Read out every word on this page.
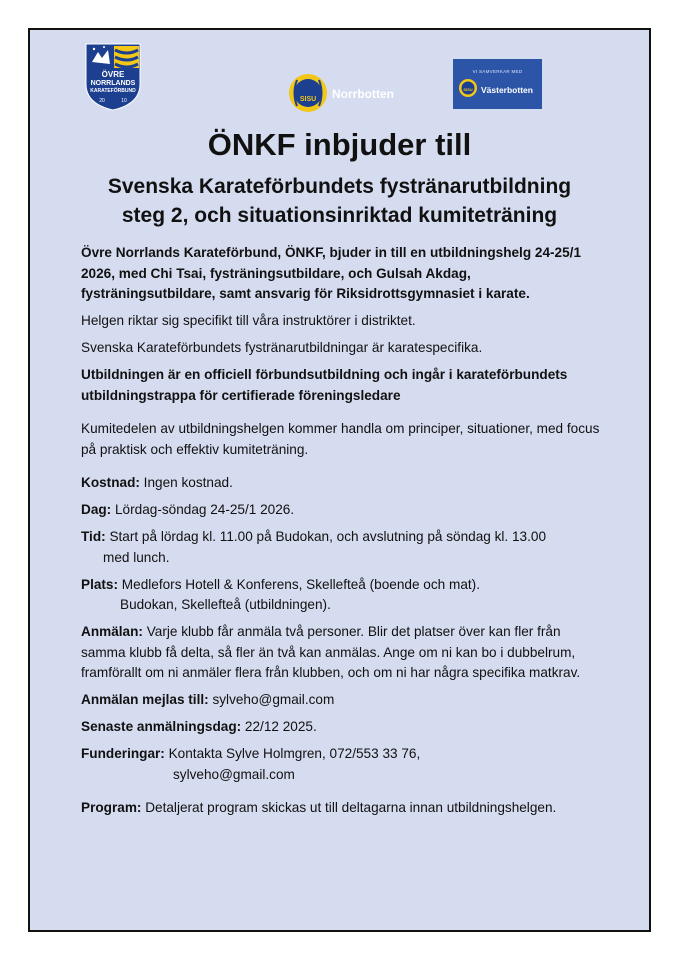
ÖVRE
NORRLANDS
KARATEFÖRBUND
20	10	SISU Norrbotten
VI SAMVERKAR MED
SISU Västerbotten
ÖNKF inbjuder till
Svenska Karateförbundets fystränarutbildning
steg 2, och situationsinriktad kumiteträning

Övre Norrlands Karateförbund, ÖNKF, bjuder in till en utbildningshelg 24-25/1 2026, med Chi Tsai, fysträningsutbildare, och Gulsah Akdag, fysträningsutbildare, samt ansvarig för Riksidrottsgymnasiet i karate.

Helgen riktar sig specifikt till våra instruktörer i distriktet.

Svenska Karateförbundets fystränarutbildningar är karatespecifika.

Utbildningen är en officiell förbundsutbildning och ingår i karateförbundets utbildningstrappa för certifierade föreningsledare

Kumitedelen av utbildningshelgen kommer handla om principer, situationer, med focus på praktisk och effektiv kumiteträning.

Kostnad: Ingen kostnad.

Dag: Lördag-söndag 24-25/1 2026.

Tid: Start på lördag kl. 11.00 på Budokan, och avslutning på söndag kl. 13.00
med lunch.

Plats: Medlefors Hotell & Konferens, Skellefteå (boende och mat).
Budokan, Skellefteå (utbildningen).

Anmälan: Varje klubb får anmäla två personer. Blir det platser över kan fler från samma klubb få delta, så fler än två kan anmälas. Ange om ni kan bo i dubbelrum, framförallt om ni anmäler flera från klubben, och om ni har några specifika matkrav.

Anmälan mejlas till: sylveho@gmail.com

Senaste anmälningsdag: 22/12 2025.

Funderingar: Kontakta Sylve Holmgren, 072/553 33 76,
sylveho@gmail.com

Program: Detaljerat program skickas ut till deltagarna innan utbildningshelgen.
